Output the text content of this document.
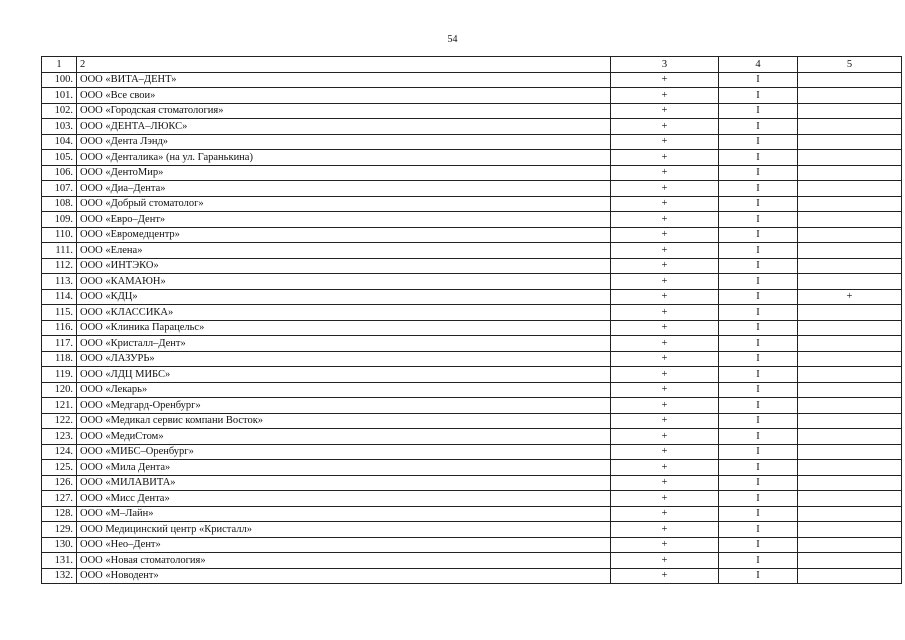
54
1	2	3	4	5
100.	ООО «ВИТА–ДЕНТ»	+	I	
101.	ООО «Все свои»	+	I	
102.	ООО «Городская стоматология»	+	I	
103.	ООО «ДЕНТА–ЛЮКС»	+	I	
104.	ООО «Дента Лэнд»	+	I	
105.	ООО «Денталика» (на ул. Гаранькина)	+	I	
106.	ООО «ДентоМир»	+	I	
107.	ООО «Диа–Дента»	+	I	
108.	ООО «Добрый стоматолог»	+	I	
109.	ООО «Евро–Дент»	+	I	
110.	ООО «Евромедцентр»	+	I	
111.	ООО «Елена»	+	I	
112.	ООО «ИНТЭКО»	+	I	
113.	ООО «КАМАЮН»	+	I	
114.	ООО «КДЦ»	+	I	+
115.	ООО «КЛАССИКА»	+	I	
116.	ООО «Клиника Парацельс»	+	I	
117.	ООО «Кристалл–Дент»	+	I	
118.	ООО «ЛАЗУРЬ»	+	I	
119.	ООО «ЛДЦ МИБС»	+	I	
120.	ООО «Лекарь»	+	I	
121.	ООО «Медгард-Оренбург»	+	I	
122.	ООО «Медикал сервис компани Восток»	+	I	
123.	ООО «МедиСтом»	+	I	
124.	ООО «МИБС–Оренбург»	+	I	
125.	ООО «Мила Дента»	+	I	
126.	ООО «МИЛАВИТА»	+	I	
127.	ООО «Мисс Дента»	+	I	
128.	ООО «М–Лайн»	+	I	
129.	ООО Медицинский центр «Кристалл»	+	I	
130.	ООО «Нео–Дент»	+	I	
131.	ООО «Новая стоматология»	+	I	
132.	ООО «Новодент»	+	I	
